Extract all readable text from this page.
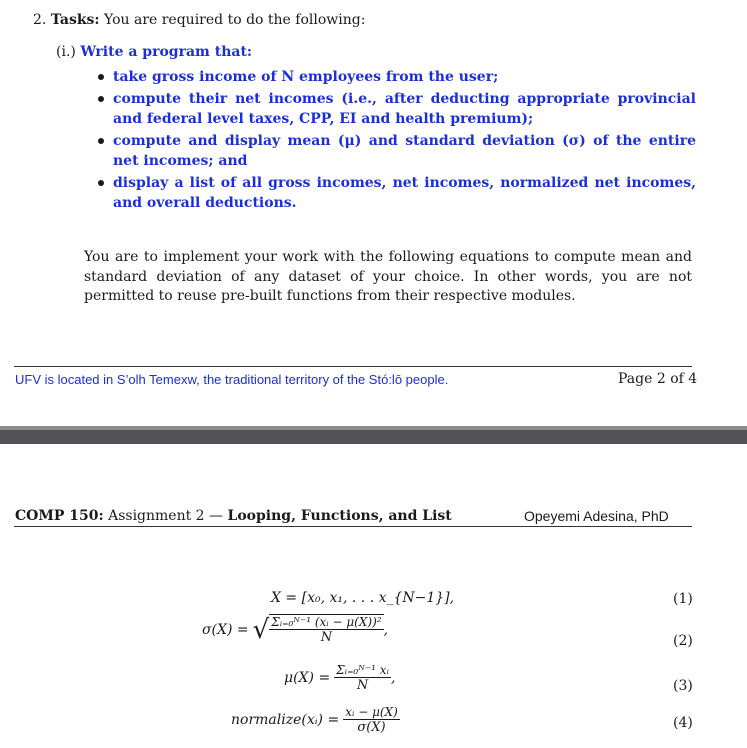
2. Tasks: You are required to do the following:
(i.) Write a program that:
take gross income of N employees from the user;
compute their net incomes (i.e., after deducting appropriate provincial and federal level taxes, CPP, EI and health premium);
compute and display mean (μ) and standard deviation (σ) of the entire net incomes; and
display a list of all gross incomes, net incomes, normalized net incomes, and overall deductions.
You are to implement your work with the following equations to compute mean and standard deviation of any dataset of your choice. In other words, you are not permitted to reuse pre-built functions from their respective modules.
UFV is located in S’olh Temexw, the traditional territory of the Stó:lō people.	Page 2 of 4
COMP 150: Assignment 2 — Looping, Functions, and List	Opeyemi Adesina, PhD
X = [x₀, x₁, . . . x_{N−1}],	(1)
σ(X) = √ $\frac{\text{Σᵢ₌₀ᴺ⁻¹ (xᵢ − μ(X))²}}{N}$ ,
(2)
$\mu(X) = \frac{\text{Σᵢ₌₀ᴺ⁻¹ xᵢ}}{N}$ ,	(3)
normalize(xᵢ) = $\frac{\text{xᵢ − μ(X)}}{\sigma(X)}$	(4)
